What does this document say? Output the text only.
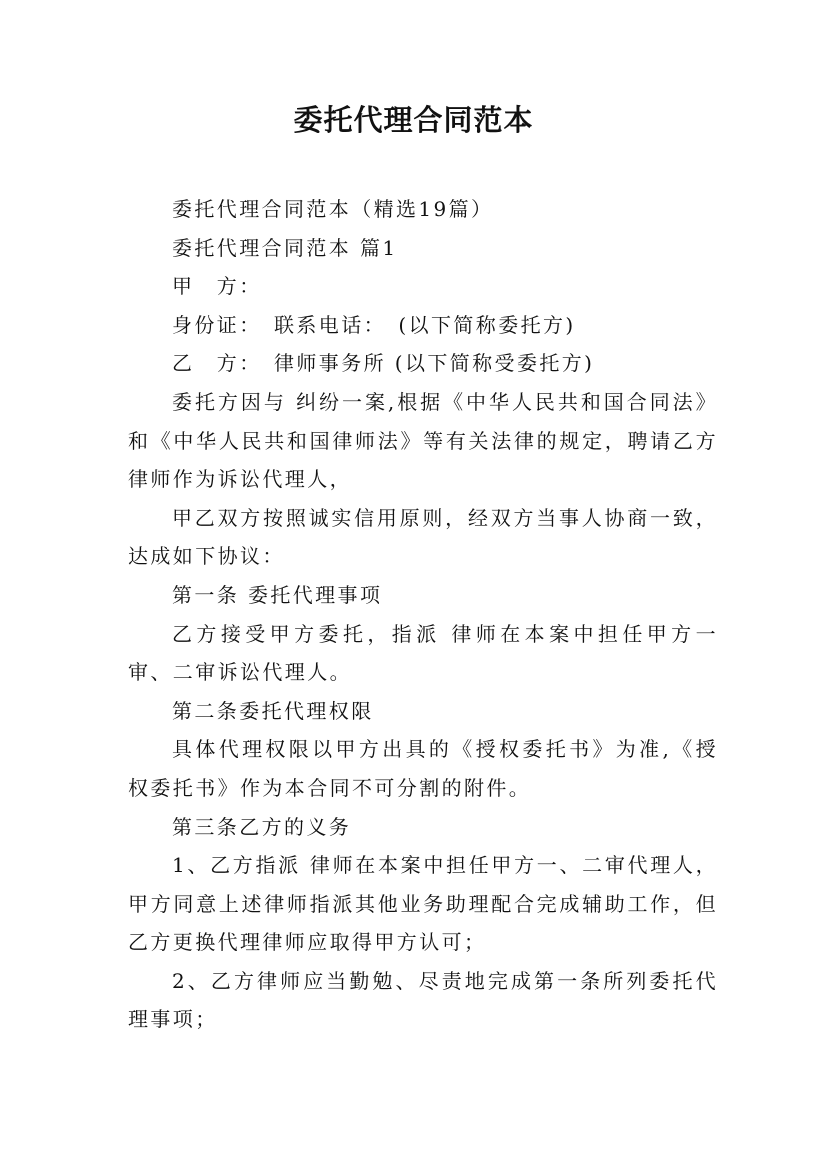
委托代理合同范本

委托代理合同范本（精选19篇）

委托代理合同范本 篇1

甲　方：

身份证：　联系电话：　(以下简称委托方)

乙　方：　律师事务所 (以下简称受委托方)

委托方因与 纠纷一案,根据《中华人民共和国合同法》和《中华人民共和国律师法》等有关法律的规定，聘请乙方律师作为诉讼代理人，

甲乙双方按照诚实信用原则，经双方当事人协商一致，达成如下协议：

第一条 委托代理事项

乙方接受甲方委托，指派 律师在本案中担任甲方一审、二审诉讼代理人。

第二条委托代理权限

具体代理权限以甲方出具的《授权委托书》为准,《授权委托书》作为本合同不可分割的附件。

第三条乙方的义务

1、乙方指派 律师在本案中担任甲方一、二审代理人，甲方同意上述律师指派其他业务助理配合完成辅助工作，但乙方更换代理律师应取得甲方认可；

2、乙方律师应当勤勉、尽责地完成第一条所列委托代理事项；
